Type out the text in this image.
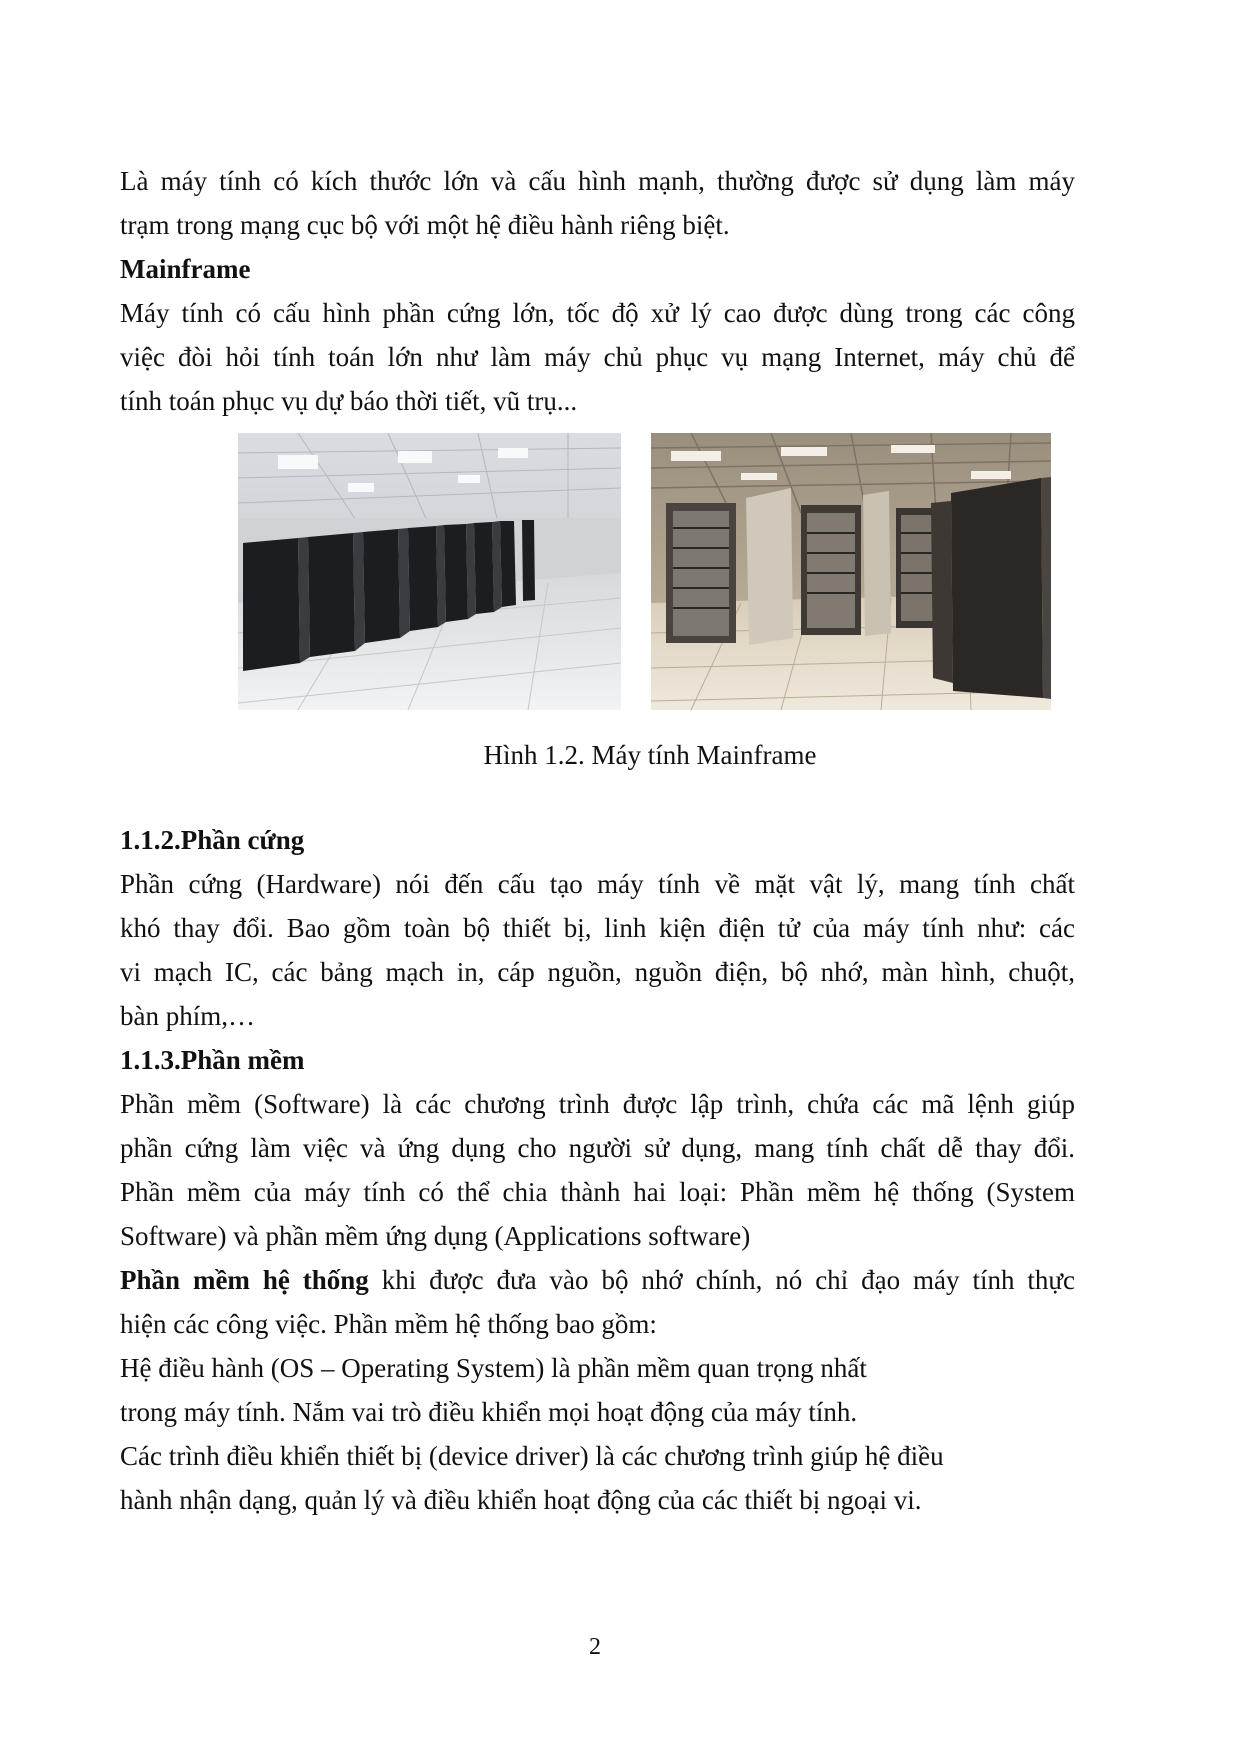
Là máy tính có kích thước lớn và cấu hình mạnh, thường được sử dụng làm máy

trạm trong mạng cục bộ với một hệ điều hành riêng biệt.

Mainframe

Máy tính có cấu hình phần cứng lớn, tốc độ xử lý cao được dùng trong các công

việc đòi hỏi tính toán lớn như làm máy chủ phục vụ mạng Internet, máy chủ để

tính toán phục vụ dự báo thời tiết, vũ trụ...

Hình 1.2. Máy tính Mainframe

1.1.2.Phần cứng

Phần cứng (Hardware) nói đến cấu tạo máy tính về mặt vật lý, mang tính chất

khó thay đổi. Bao gồm toàn bộ thiết bị, linh kiện điện tử của máy tính như: các

vi mạch IC, các bảng mạch in, cáp nguồn, nguồn điện, bộ nhớ, màn hình, chuột,

bàn phím,…

1.1.3.Phần mềm

Phần mềm (Software) là các chương trình được lập trình, chứa các mã lệnh giúp

phần cứng làm việc và ứng dụng cho người sử dụng, mang tính chất dễ thay đổi.

Phần mềm của máy tính có thể chia thành hai loại: Phần mềm hệ thống (System

Software) và phần mềm ứng dụng (Applications software)

Phần mềm hệ thống khi được đưa vào bộ nhớ chính, nó chỉ đạo máy tính thực

hiện các công việc. Phần mềm hệ thống bao gồm:

Hệ điều hành (OS – Operating System) là phần mềm quan trọng nhất

trong máy tính. Nắm vai trò điều khiển mọi hoạt động của máy tính.

Các trình điều khiển thiết bị (device driver) là các chương trình giúp hệ điều

hành nhận dạng, quản lý và điều khiển hoạt động của các thiết bị ngoại vi.

2
